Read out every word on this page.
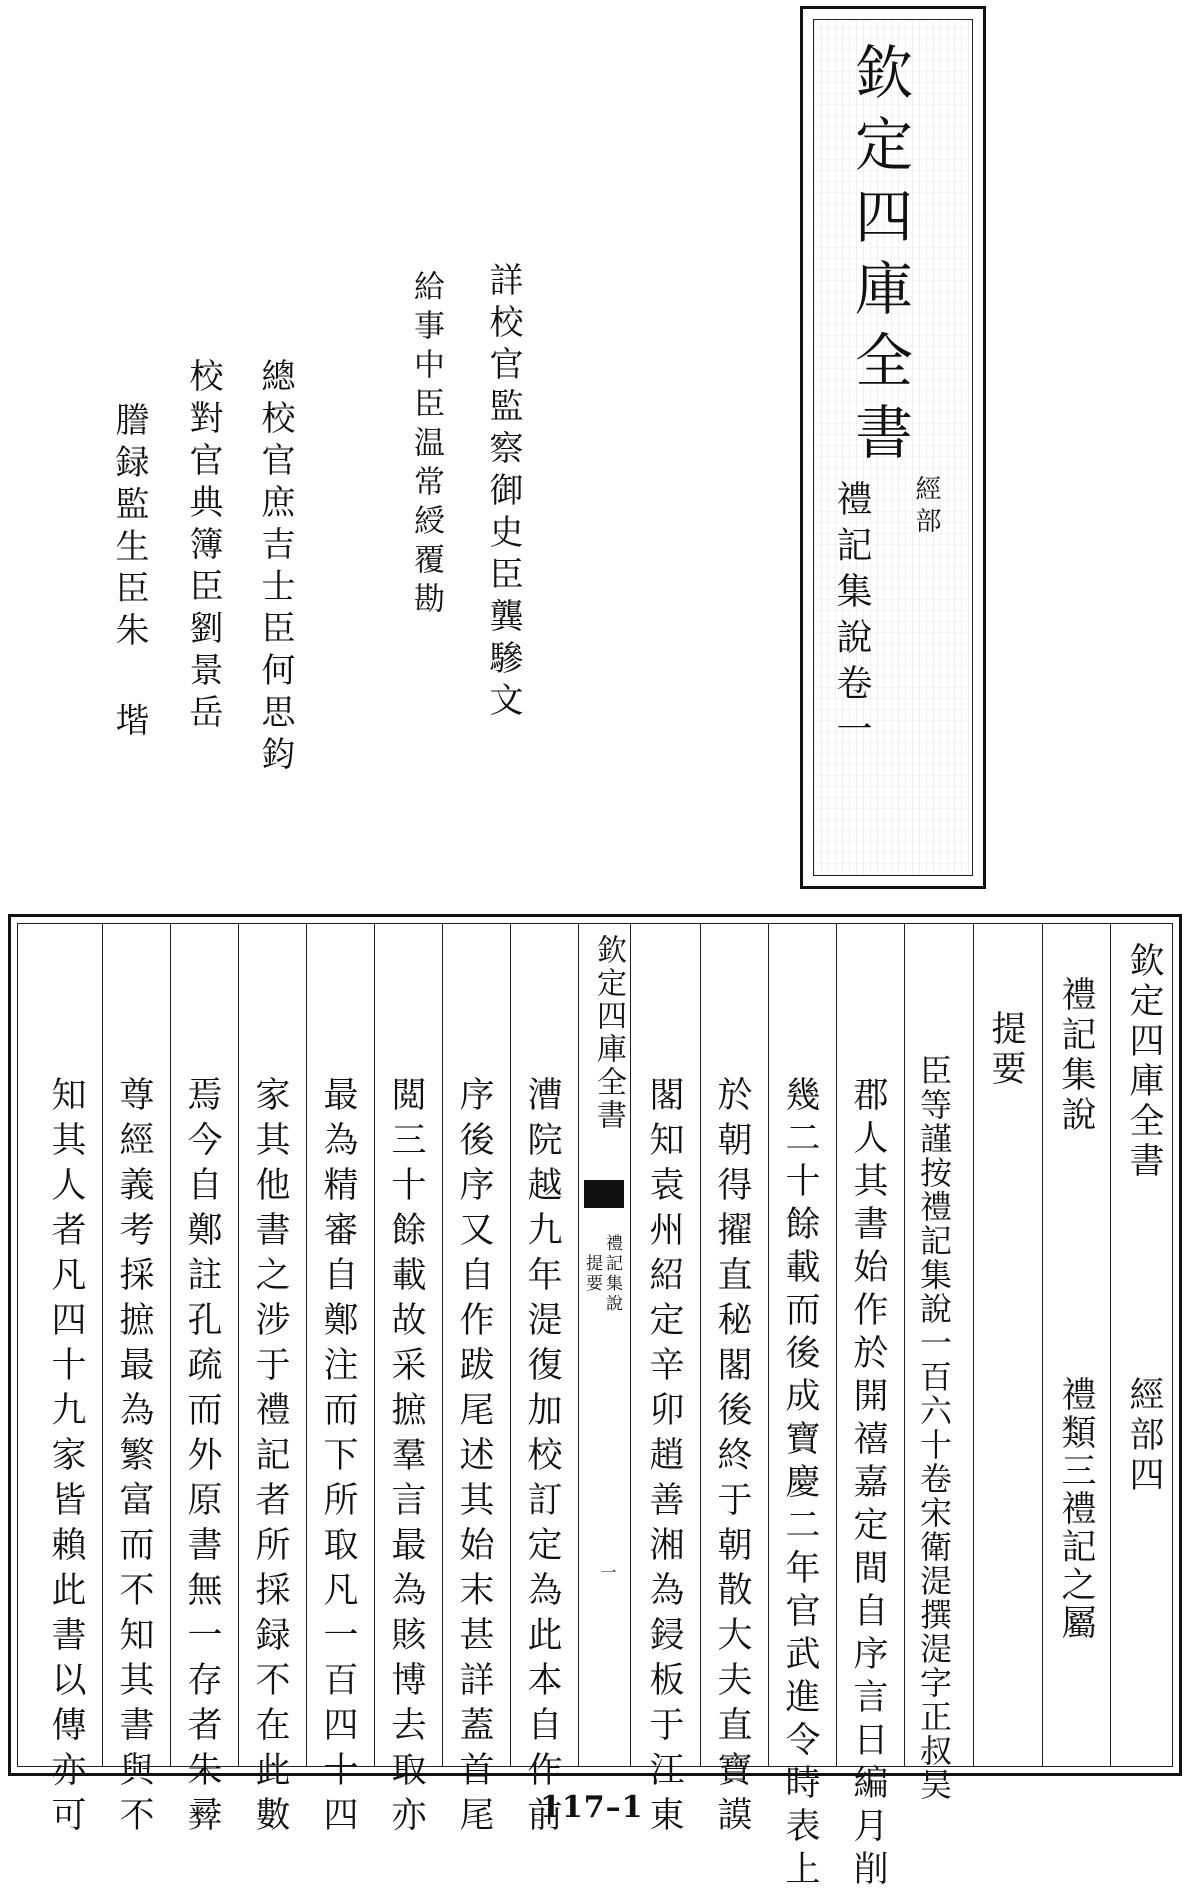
欽定四庫全書
經部
禮記集說卷一
詳校官監察御史臣龔驂文
給事中臣温常綬覆勘
總校官庶吉士臣何思鈞
校對官典簿臣劉景岳
謄録監生臣朱 堦
欽定四庫全書
經部四
禮記集說
禮類三禮記之屬
提要
臣等謹按禮記集說一百六十卷宋衛湜撰湜字正叔吴
郡人其書始作於開禧嘉定間自序言日編月削
幾二十餘載而後成寶慶二年官武進令時表上
於朝得擢直秘閣後終于朝散大夫直寶謨
閣知袁州紹定辛卯趙善湘為鋟板于江東
欽定四庫全書
禮記集說
提要
一
漕院越九年湜復加校訂定為此本自作前
序後序又自作跋尾述其始末甚詳蓋首尾
閲三十餘載故采摭羣言最為賅博去取亦
最為精審自鄭注而下所取凡一百四十四
家其他書之涉于禮記者所採録不在此數
焉今自鄭註孔疏而外原書無一存者朱彛
尊經義考採摭最為繁富而不知其書與不
知其人者凡四十九家皆賴此書以傳亦可	117–1
